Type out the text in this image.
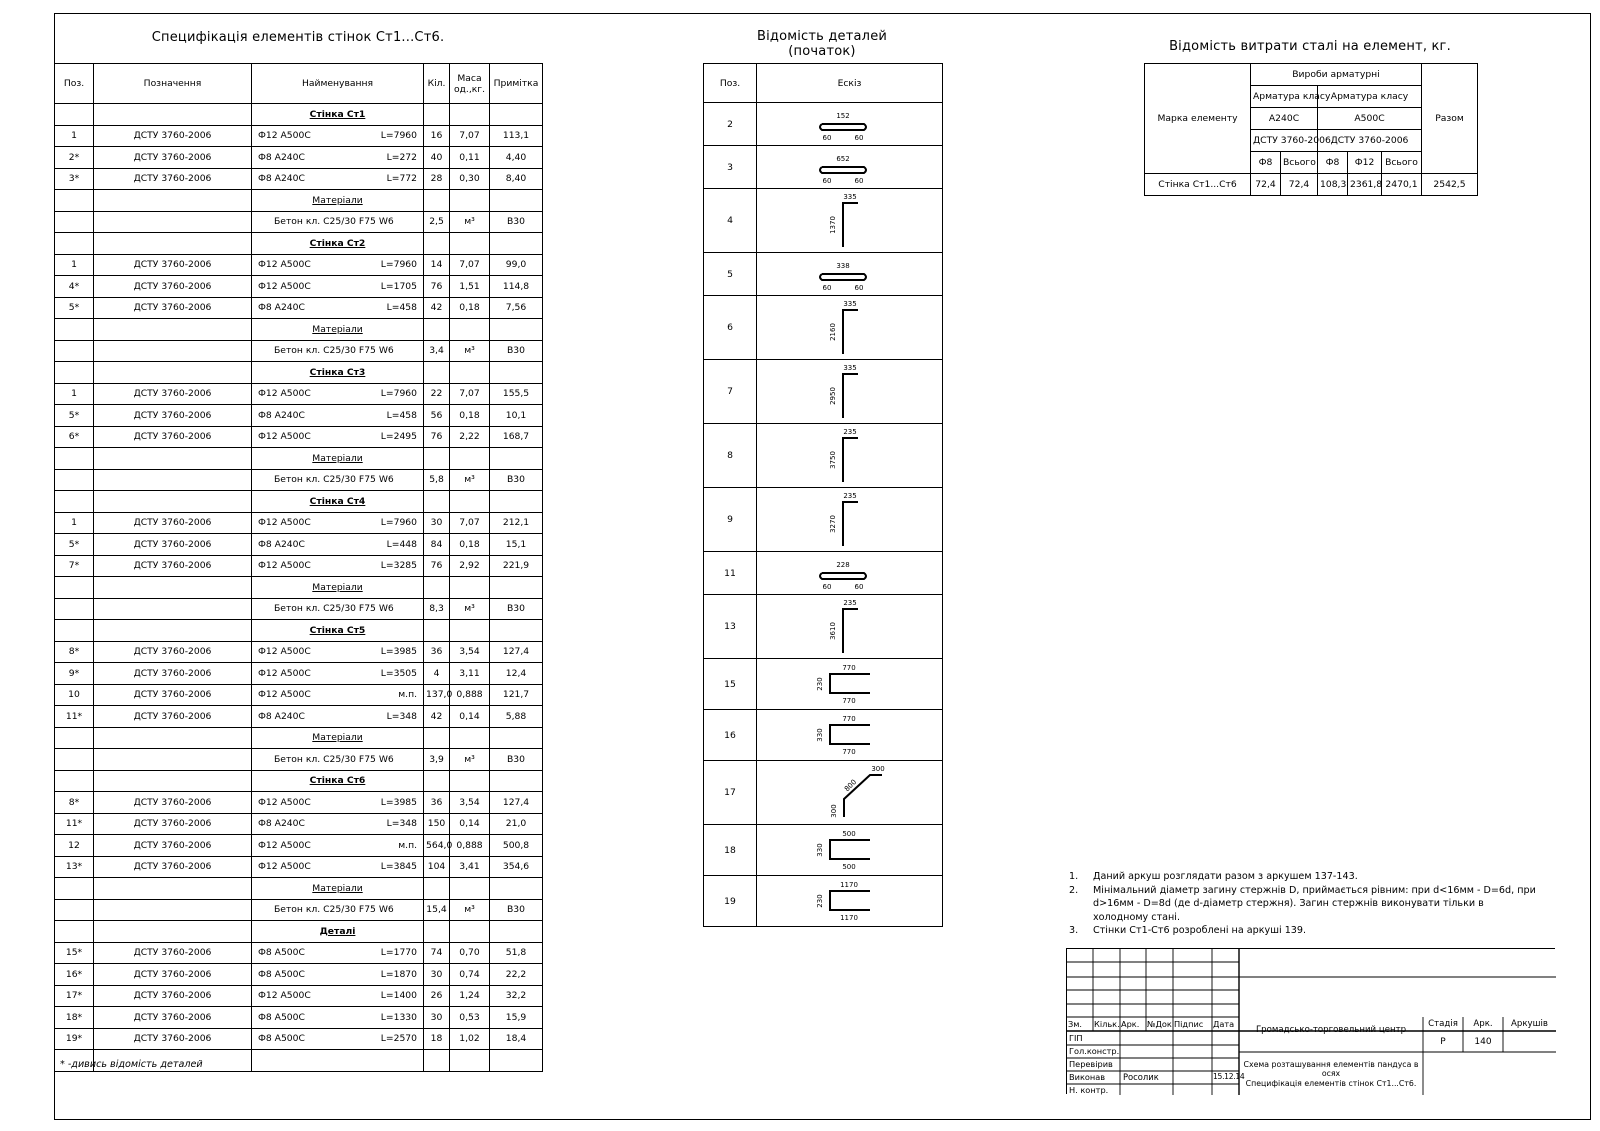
Специфікація елементів стінок Ст1...Ст6.
Поз.	Позначення	Найменування	Кіл.	Маса од.,кг.	Примітка
		Стінка Ст1			
1	ДСТУ 3760-2006	Ф12 А500С L=7960	16	7,07	113,1
2*	ДСТУ 3760-2006	Ф8 А240С L=272	40	0,11	4,40
3*	ДСТУ 3760-2006	Ф8 А240С L=772	28	0,30	8,40
		Матеріали			
		Бетон кл. С25/30 F75 W6	2,5	м³	В30
		Стінка Ст2			
1	ДСТУ 3760-2006	Ф12 А500С L=7960	14	7,07	99,0
4*	ДСТУ 3760-2006	Ф12 А500С L=1705	76	1,51	114,8
5*	ДСТУ 3760-2006	Ф8 А240С L=458	42	0,18	7,56
		Матеріали			
		Бетон кл. С25/30 F75 W6	3,4	м³	В30
		Стінка Ст3			
1	ДСТУ 3760-2006	Ф12 А500С L=7960	22	7,07	155,5
5*	ДСТУ 3760-2006	Ф8 А240С L=458	56	0,18	10,1
6*	ДСТУ 3760-2006	Ф12 А500С L=2495	76	2,22	168,7
		Матеріали			
		Бетон кл. С25/30 F75 W6	5,8	м³	В30
		Стінка Ст4			
1	ДСТУ 3760-2006	Ф12 А500С L=7960	30	7,07	212,1
5*	ДСТУ 3760-2006	Ф8 А240С L=448	84	0,18	15,1
7*	ДСТУ 3760-2006	Ф12 А500С L=3285	76	2,92	221,9
		Матеріали			
		Бетон кл. С25/30 F75 W6	8,3	м³	В30
		Стінка Ст5			
8*	ДСТУ 3760-2006	Ф12 А500С L=3985	36	3,54	127,4
9*	ДСТУ 3760-2006	Ф12 А500С L=3505	4	3,11	12,4
10	ДСТУ 3760-2006	Ф12 А500С м.п.	137,0	0,888	121,7
11*	ДСТУ 3760-2006	Ф8 А240С L=348	42	0,14	5,88
		Матеріали			
		Бетон кл. С25/30 F75 W6	3,9	м³	В30
		Стінка Ст6			
8*	ДСТУ 3760-2006	Ф12 А500С L=3985	36	3,54	127,4
11*	ДСТУ 3760-2006	Ф8 А240С L=348	150	0,14	21,0
12	ДСТУ 3760-2006	Ф12 А500С м.п.	564,0	0,888	500,8
13*	ДСТУ 3760-2006	Ф12 А500С L=3845	104	3,41	354,6
		Матеріали			
		Бетон кл. С25/30 F75 W6	15,4	м³	В30
		Деталі			
15*	ДСТУ 3760-2006	Ф8 А500С L=1770	74	0,70	51,8
16*	ДСТУ 3760-2006	Ф8 А500С L=1870	30	0,74	22,2
17*	ДСТУ 3760-2006	Ф12 А500С L=1400	26	1,24	32,2
18*	ДСТУ 3760-2006	Ф8 А500С L=1330	30	0,53	15,9
19*	ДСТУ 3760-2006	Ф8 А500С L=2570	18	1,02	18,4

* -дивись відомість деталей
Відомість деталей
(початок)
Поз.	Ескіз
2	152
60 60

3	652
60 60

4	335
1370

5	338
60 60

6	335
2160

7	335
2950

8	235
3750

9	235
3270

11	228
60 60

13	235
3610

15	770
230
770

16	770
330
770

17	300
800
300

18	500
330
500

19	1170
230
1170
Відомість витрати сталі на елемент, кг.
Марка елементу	Вироби арматурні					Разом
	Арматура класу		Арматура класу			
	А240С		А500С			
	ДСТУ 3760-2006		ДСТУ 3760-2006			
	Ф8	Всього	Ф8	Ф12	Всього	
Стінка Ст1...Ст6	72,4	72,4	108,3	2361,8	2470,1	2542,5
1.	Даний аркуш розглядати разом з аркушем 137-143.
2.	Мінімальний діаметр загину стержнів D, приймається рівним: при d<16мм - D=6d, при d>16мм - D=8d (де d-діаметр стержня). Загин стержнів виконувати тільки в холодному стані.
3.	Стінки Ст1-Ст6 розроблені на аркуші 139.
Зм.	Кільк. Арк. №Док Підпис	Дата
ГІП
Гол.констр.
Перевірив
Виконав
Н. контр.
Росолик	15.12.14
Громадсько-торговельний центр
Схема розташування елементів пандуса в осях
Специфікація елементів стінок Ст1...Ст6.
Стадія	Арк.	Аркушів
Р	140
